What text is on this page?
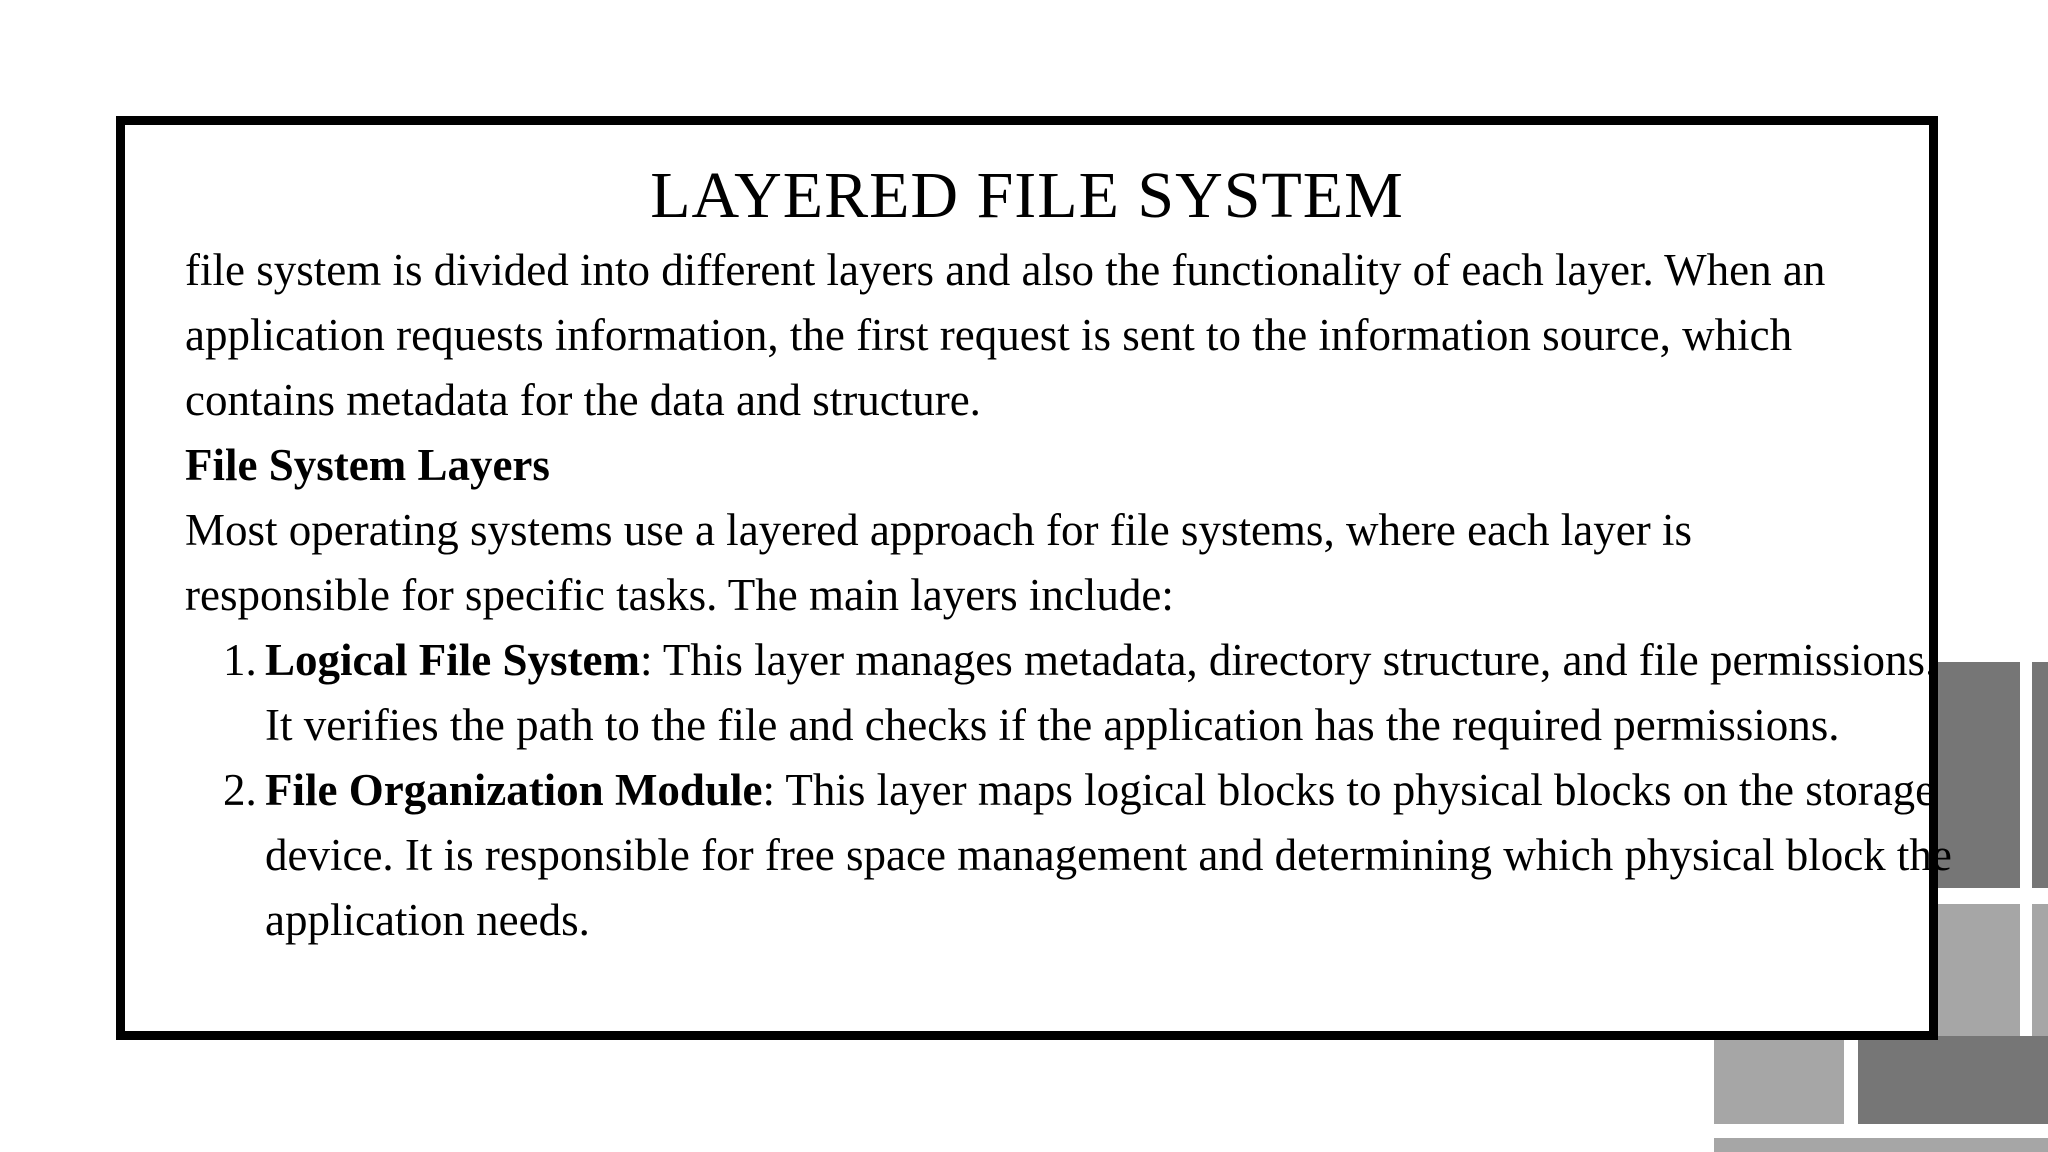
LAYERED FILE SYSTEM

file system is divided into different layers and also the functionality of each layer. When an application requests information, the first request is sent to the information source, which contains metadata for the data and structure.

File System Layers

Most operating systems use a layered approach for file systems, where each layer is responsible for specific tasks. The main layers include:

1. Logical File System: This layer manages metadata, directory structure, and file permissions. It verifies the path to the file and checks if the application has the required permissions.
2. File Organization Module: This layer maps logical blocks to physical blocks on the storage device. It is responsible for free space management and determining which physical block the application needs.
